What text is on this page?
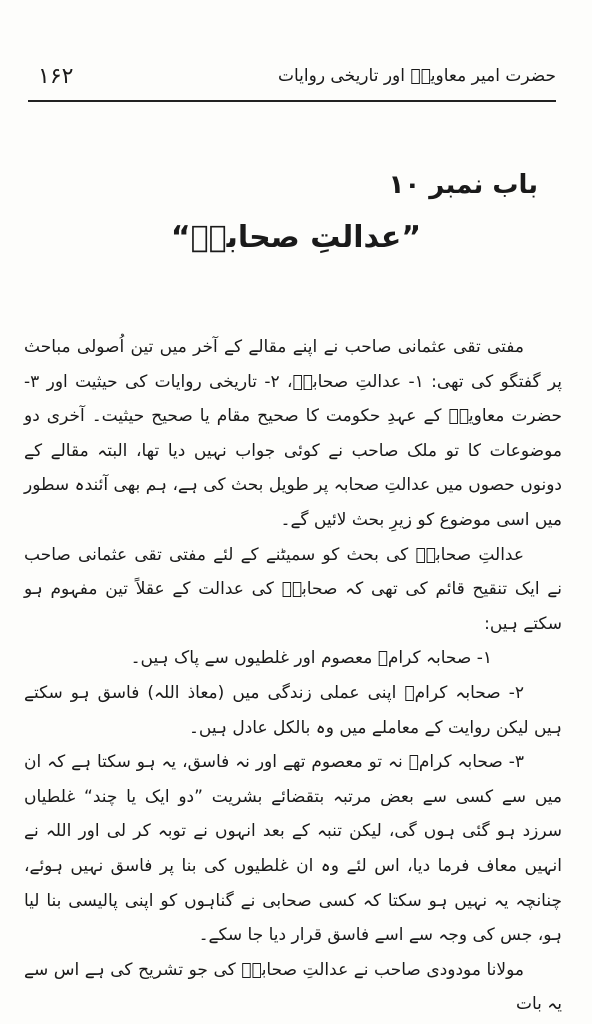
۱۶۲	حضرت امیر معاویہؓ اور تاریخی روایات
باب نمبر ۱۰
”عدالتِ صحابہؓ“

مفتی تقی عثمانی صاحب نے اپنے مقالے کے آخر میں تین اُصولی مباحث پر گفتگو کی تھی: ۱- عدالتِ صحابہؓ، ۲- تاریخی روایات کی حیثیت اور ۳- حضرت معاویہؓ کے عہدِ حکومت کا صحیح مقام یا صحیح حیثیت۔ آخری دو موضوعات کا تو ملک صاحب نے کوئی جواب نہیں دیا تھا، البتہ مقالے کے دونوں حصوں میں عدالتِ صحابہ پر طویل بحث کی ہے، ہم بھی آئندہ سطور میں اسی موضوع کو زیرِ بحث لائیں گے۔

عدالتِ صحابہؓ کی بحث کو سمیٹنے کے لئے مفتی تقی عثمانی صاحب نے ایک تنقیح قائم کی تھی کہ صحابہؓ کی عدالت کے عقلاً تین مفہوم ہو سکتے ہیں:

۱- صحابہ کرامؓ معصوم اور غلطیوں سے پاک ہیں۔

۲- صحابہ کرامؓ اپنی عملی زندگی میں (معاذ اللہ) فاسق ہو سکتے ہیں لیکن روایت کے معاملے میں وہ بالکل عادل ہیں۔

۳- صحابہ کرامؓ نہ تو معصوم تھے اور نہ فاسق، یہ ہو سکتا ہے کہ ان میں سے کسی سے بعض مرتبہ بتقضائے بشریت ”دو ایک یا چند“ غلطیاں سرزد ہو گئی ہوں گی، لیکن تنبہ کے بعد انہوں نے توبہ کر لی اور اللہ نے انہیں معاف فرما دیا، اس لئے وہ ان غلطیوں کی بنا پر فاسق نہیں ہوئے، چنانچہ یہ نہیں ہو سکتا کہ کسی صحابی نے گناہوں کو اپنی پالیسی بنا لیا ہو، جس کی وجہ سے اسے فاسق قرار دیا جا سکے۔

مولانا مودودی صاحب نے عدالتِ صحابہؓ کی جو تشریح کی ہے اس سے یہ بات
